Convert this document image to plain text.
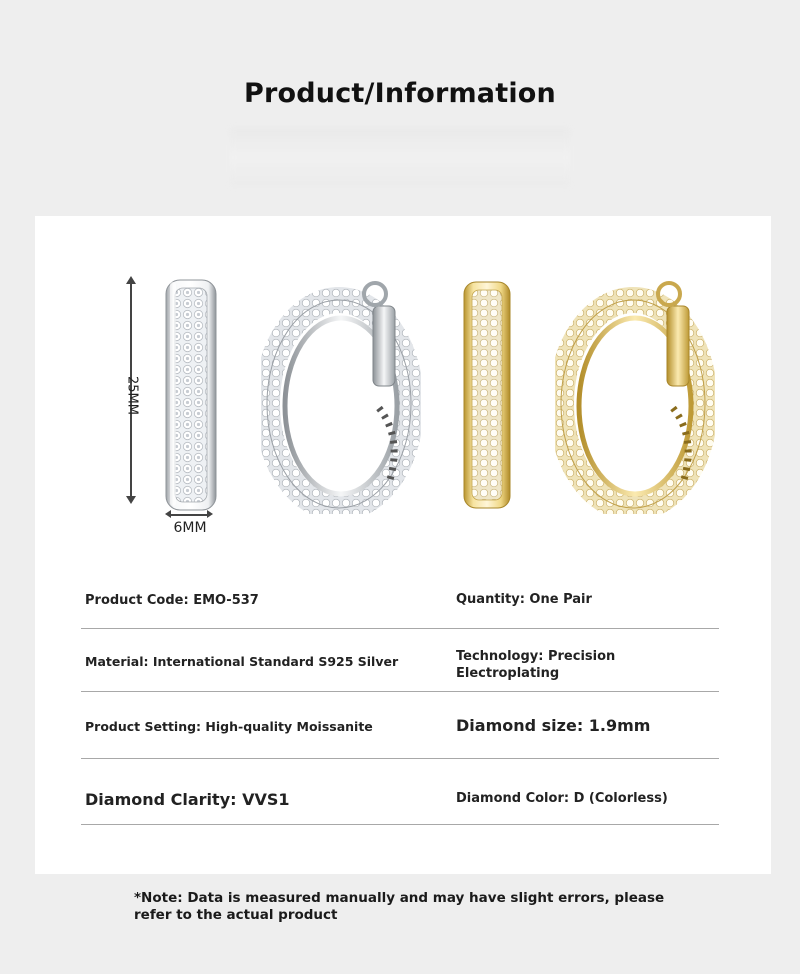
Product/Information
25MM
6MM
Product Code: EMO-537	Quantity: One Pair
Material: International Standard S925 Silver	Technology: Precision Electroplating
Product Setting: High-quality Moissanite	Diamond size: 1.9mm
Diamond Clarity: VVS1	Diamond Color: D (Colorless)
*Note: Data is measured manually and may have slight errors, please refer to the actual product
